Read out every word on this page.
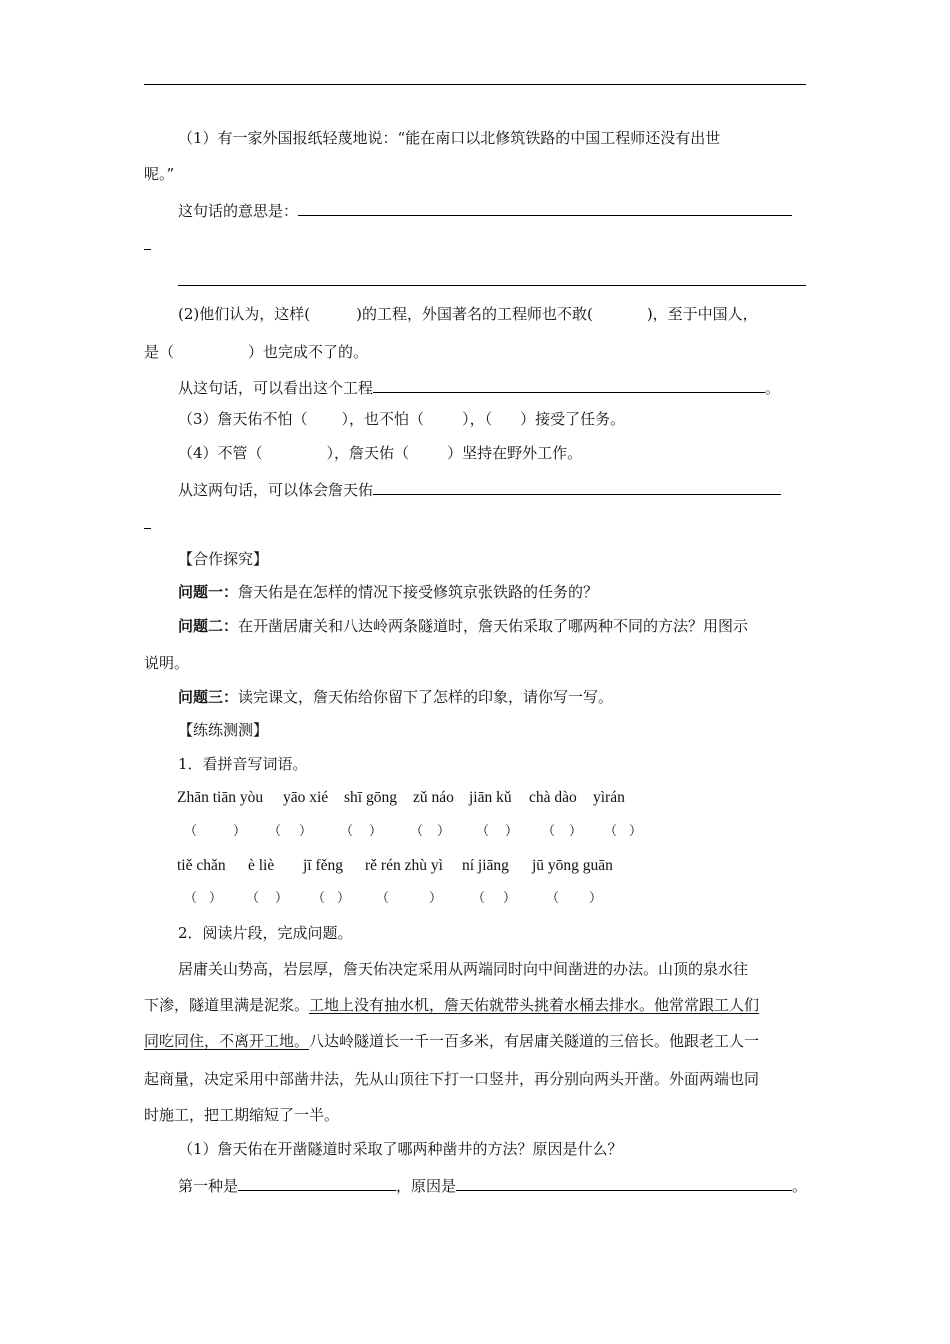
（1）有一家外国报纸轻蔑地说：“能在南口以北修筑铁路的中国工程师还没有出世
呢。”
这句话的意思是：
(2)他们认为，这样(	)的工程，外国著名的工程师也不敢(	)，至于中国人，
是（	）也完成不了的。
从这句话，可以看出这个工程	。
（3）詹天佑不怕（ ），也不怕（	），（ ）接受了任务。
（4）不管（	），詹天佑（	）坚持在野外工作。
从这两句话，可以体会詹天佑
【合作探究】
问题一：詹天佑是在怎样的情况下接受修筑京张铁路的任务的？
问题二：在开凿居庸关和八达岭两条隧道时，詹天佑采取了哪两种不同的方法？用图示
说明。
问题三：读完课文，詹天佑给你留下了怎样的印象，请你写一写。
【练练测测】
1．看拼音写词语。
Zhān tiān yòu yāo xié shī gōng zǔ náo jiān kǔ chà dào yìrán
（	） （ ） （ ） （ ） （ ） （ ） （ ）
tiě chǎn è liè jī fěng rě rén zhù yì ní jiāng jū yōng guān
（ ） （ ） （ ） （	） （ ） （ ）
2．阅读片段，完成问题。
居庸关山势高，岩层厚，詹天佑决定采用从两端同时向中间凿进的办法。山顶的泉水往
下渗，隧道里满是泥浆。工地上没有抽水机，詹天佑就带头挑着水桶去排水。他常常跟工人们
同吃同住，不离开工地。八达岭隧道长一千一百多米，有居庸关隧道的三倍长。他跟老工人一
起商量，决定采用中部凿井法，先从山顶往下打一口竖井，再分别向两头开凿。外面两端也同
时施工，把工期缩短了一半。
（1）詹天佑在开凿隧道时采取了哪两种凿井的方法？原因是什么？
第一种是	，原因是	。
